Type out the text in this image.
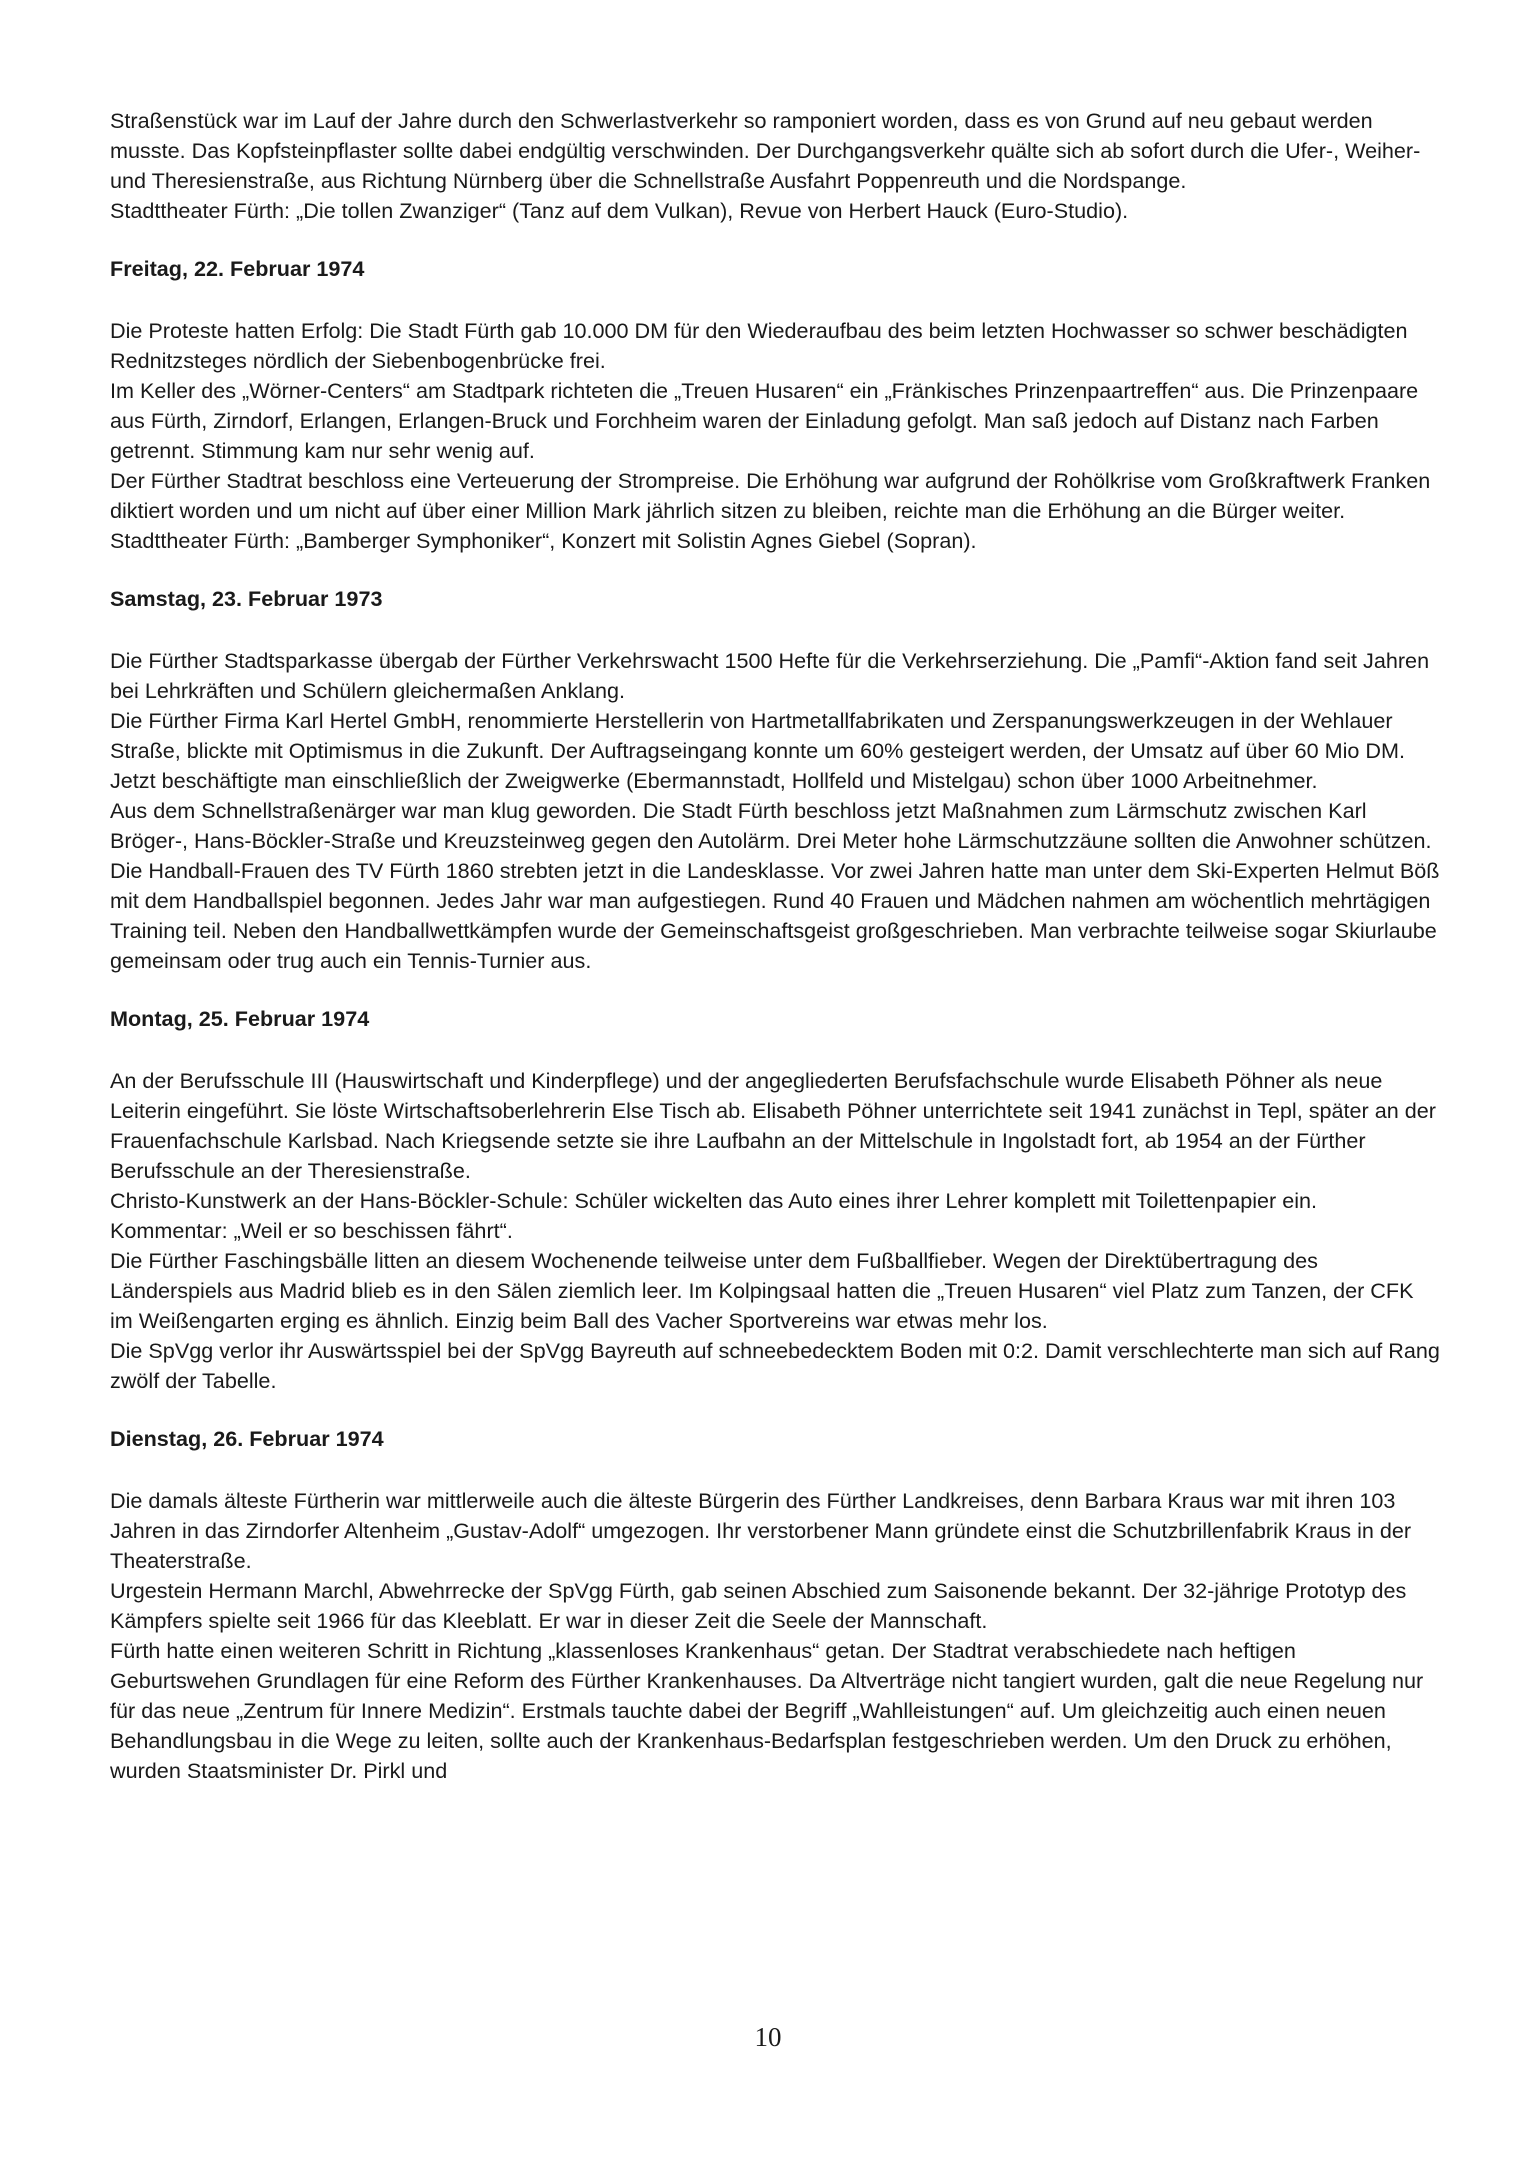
Straßenstück war im Lauf der Jahre durch den Schwerlastverkehr so ramponiert worden, dass es von Grund auf neu gebaut werden musste. Das Kopfsteinpflaster sollte dabei endgültig verschwinden. Der Durchgangsverkehr quälte sich ab sofort durch die Ufer-, Weiher- und Theresienstraße, aus Richtung Nürnberg über die Schnellstraße Ausfahrt Poppenreuth und die Nordspange.

Stadttheater Fürth: „Die tollen Zwanziger“ (Tanz auf dem Vulkan), Revue von Herbert Hauck (Euro-Studio).

Freitag, 22. Februar 1974

Die Proteste hatten Erfolg: Die Stadt Fürth gab 10.000 DM für den Wiederaufbau des beim letzten Hochwasser so schwer beschädigten Rednitzsteges nördlich der Siebenbogenbrücke frei.

Im Keller des „Wörner-Centers“ am Stadtpark richteten die „Treuen Husaren“ ein „Fränkisches Prinzenpaartreffen“ aus. Die Prinzenpaare aus Fürth, Zirndorf, Erlangen, Erlangen-Bruck und Forchheim waren der Einladung gefolgt. Man saß jedoch auf Distanz nach Farben getrennt. Stimmung kam nur sehr wenig auf.

Der Fürther Stadtrat beschloss eine Verteuerung der Strompreise. Die Erhöhung war aufgrund der Rohölkrise vom Großkraftwerk Franken diktiert worden und um nicht auf über einer Million Mark jährlich sitzen zu bleiben, reichte man die Erhöhung an die Bürger weiter.

Stadttheater Fürth: „Bamberger Symphoniker“, Konzert mit Solistin Agnes Giebel (Sopran).

Samstag, 23. Februar 1973

Die Fürther Stadtsparkasse übergab der Fürther Verkehrswacht 1500 Hefte für die Verkehrserziehung. Die „Pamfi“-Aktion fand seit Jahren bei Lehrkräften und Schülern gleichermaßen Anklang.

Die Fürther Firma Karl Hertel GmbH, renommierte Herstellerin von Hartmetallfabrikaten und Zerspanungswerkzeugen in der Wehlauer Straße, blickte mit Optimismus in die Zukunft. Der Auftragseingang konnte um 60% gesteigert werden, der Umsatz auf über 60 Mio DM. Jetzt beschäftigte man einschließlich der Zweigwerke (Ebermannstadt, Hollfeld und Mistelgau) schon über 1000 Arbeitnehmer.

Aus dem Schnellstraßenärger war man klug geworden. Die Stadt Fürth beschloss jetzt Maßnahmen zum Lärmschutz zwischen Karl Bröger-, Hans-Böckler-Straße und Kreuzsteinweg gegen den Autolärm. Drei Meter hohe Lärmschutzzäune sollten die Anwohner schützen.

Die Handball-Frauen des TV Fürth 1860 strebten jetzt in die Landesklasse. Vor zwei Jahren hatte man unter dem Ski-Experten Helmut Böß mit dem Handballspiel begonnen. Jedes Jahr war man aufgestiegen. Rund 40 Frauen und Mädchen nahmen am wöchentlich mehrtägigen Training teil. Neben den Handballwettkämpfen wurde der Gemeinschaftsgeist großgeschrieben. Man verbrachte teilweise sogar Skiurlaube gemeinsam oder trug auch ein Tennis-Turnier aus.

Montag, 25. Februar 1974

An der Berufsschule III (Hauswirtschaft und Kinderpflege) und der angegliederten Berufsfachschule wurde Elisabeth Pöhner als neue Leiterin eingeführt. Sie löste Wirtschaftsoberlehrerin Else Tisch ab. Elisabeth Pöhner unterrichtete seit 1941 zunächst in Tepl, später an der Frauenfachschule Karlsbad. Nach Kriegsende setzte sie ihre Laufbahn an der Mittelschule in Ingolstadt fort, ab 1954 an der Fürther Berufsschule an der Theresienstraße.

Christo-Kunstwerk an der Hans-Böckler-Schule: Schüler wickelten das Auto eines ihrer Lehrer komplett mit Toilettenpapier ein. Kommentar: „Weil er so beschissen fährt“.

Die Fürther Faschingsbälle litten an diesem Wochenende teilweise unter dem Fußballfieber. Wegen der Direktübertragung des Länderspiels aus Madrid blieb es in den Sälen ziemlich leer. Im Kolpingsaal hatten die „Treuen Husaren“ viel Platz zum Tanzen, der CFK im Weißengarten erging es ähnlich. Einzig beim Ball des Vacher Sportvereins war etwas mehr los.

Die SpVgg verlor ihr Auswärtsspiel bei der SpVgg Bayreuth auf schneebedecktem Boden mit 0:2. Damit verschlechterte man sich auf Rang zwölf der Tabelle.

Dienstag, 26. Februar 1974

Die damals älteste Fürtherin war mittlerweile auch die älteste Bürgerin des Fürther Landkreises, denn Barbara Kraus war mit ihren 103 Jahren in das Zirndorfer Altenheim „Gustav-Adolf“ umgezogen. Ihr verstorbener Mann gründete einst die Schutzbrillenfabrik Kraus in der Theaterstraße.

Urgestein Hermann Marchl, Abwehrrecke der SpVgg Fürth, gab seinen Abschied zum Saisonende bekannt. Der 32-jährige Prototyp des Kämpfers spielte seit 1966 für das Kleeblatt. Er war in dieser Zeit die Seele der Mannschaft.

Fürth hatte einen weiteren Schritt in Richtung „klassenloses Krankenhaus“ getan. Der Stadtrat verabschiedete nach heftigen Geburtswehen Grundlagen für eine Reform des Fürther Krankenhauses. Da Altverträge nicht tangiert wurden, galt die neue Regelung nur für das neue „Zentrum für Innere Medizin“. Erstmals tauchte dabei der Begriff „Wahlleistungen“ auf. Um gleichzeitig auch einen neuen Behandlungsbau in die Wege zu leiten, sollte auch der Krankenhaus-Bedarfsplan festgeschrieben werden. Um den Druck zu erhöhen, wurden Staatsminister Dr. Pirkl und

10
